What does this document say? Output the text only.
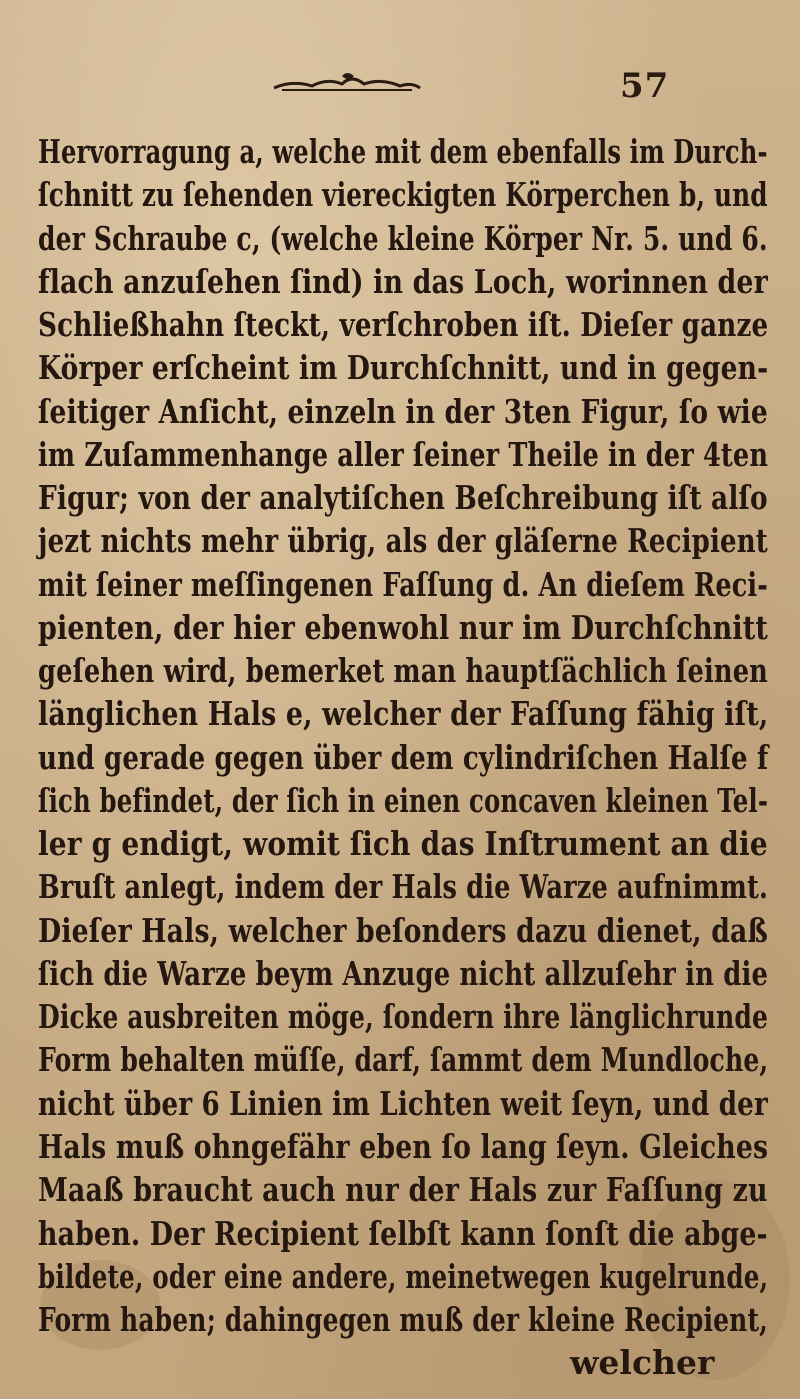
57
Hervorragung a, welche mit dem ebenfalls im Durch-
ſchnitt zu ſehenden viereckigten Körperchen b, und
der Schraube c, (welche kleine Körper Nr. 5. und 6.
flach anzuſehen ſind) in das Loch, worinnen der
Schließhahn ſteckt, verſchroben iſt. Dieſer ganze
Körper erſcheint im Durchſchnitt, und in gegen-
ſeitiger Anſicht, einzeln in der 3ten Figur, ſo wie
im Zuſammenhange aller ſeiner Theile in der 4ten
Figur; von der analytiſchen Beſchreibung iſt alſo
jezt nichts mehr übrig, als der gläſerne Recipient
mit ſeiner meſſingenen Faſſung d. An dieſem Reci-
pienten, der hier ebenwohl nur im Durchſchnitt
geſehen wird, bemerket man hauptſächlich ſeinen
länglichen Hals e, welcher der Faſſung fähig iſt,
und gerade gegen über dem cylindriſchen Halſe f
ſich befindet, der ſich in einen concaven kleinen Tel-
ler g endigt, womit ſich das Inſtrument an die
Bruſt anlegt, indem der Hals die Warze aufnimmt.
Dieſer Hals, welcher beſonders dazu dienet, daß
ſich die Warze beym Anzuge nicht allzuſehr in die
Dicke ausbreiten möge, ſondern ihre länglichrunde
Form behalten müſſe, darf, ſammt dem Mundloche,
nicht über 6 Linien im Lichten weit ſeyn, und der
Hals muß ohngefähr eben ſo lang ſeyn. Gleiches
Maaß braucht auch nur der Hals zur Faſſung zu
haben. Der Recipient ſelbſt kann ſonſt die abge-
bildete, oder eine andere, meinetwegen kugelrunde,
Form haben; dahingegen muß der kleine Recipient,
welcher
